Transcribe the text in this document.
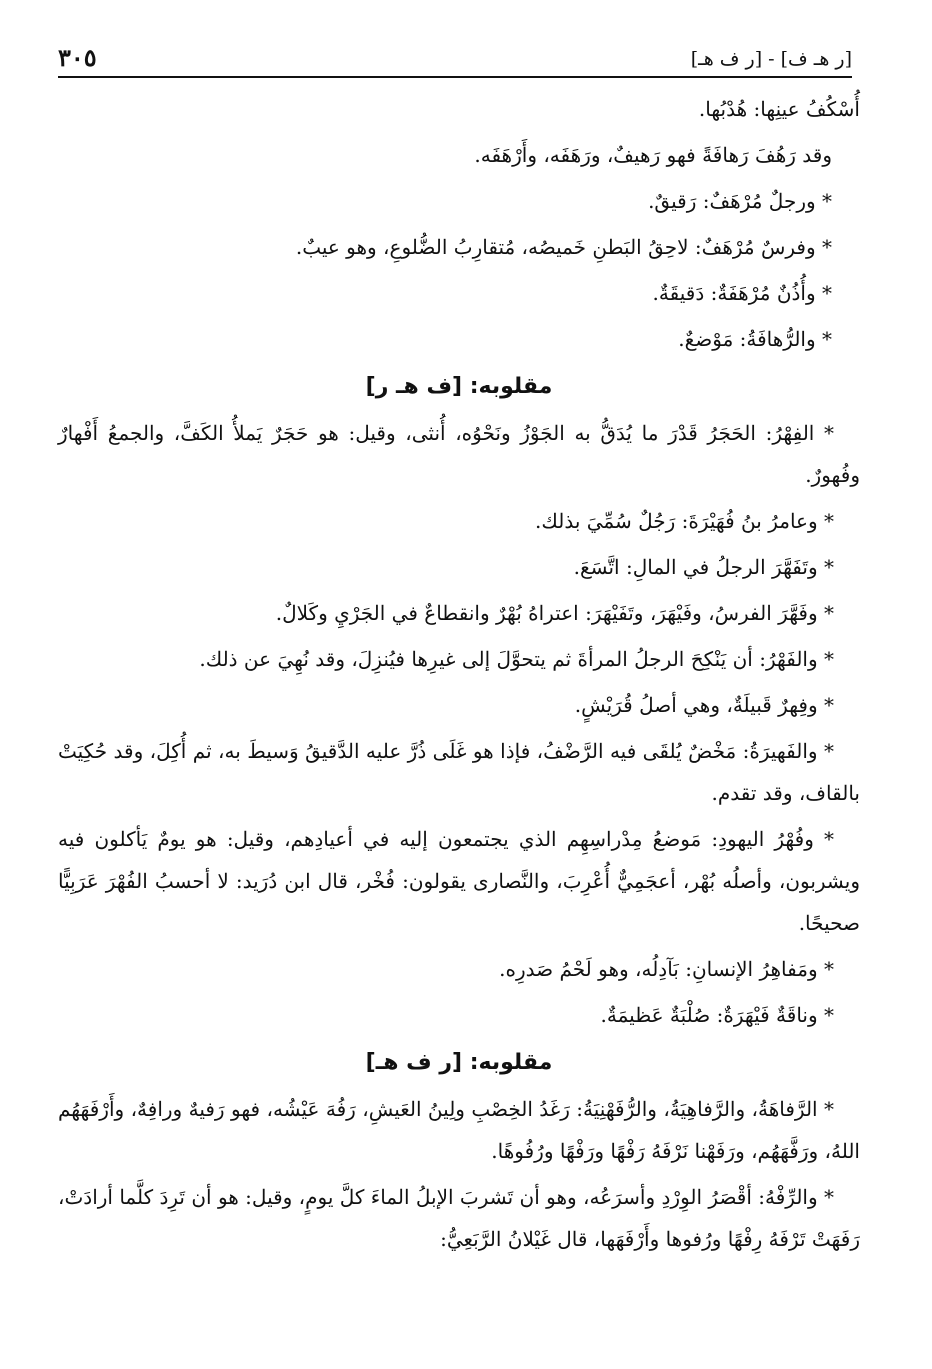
[ر هـ ف] - [ر ف هـ]
٣٠٥
أُسْكُفُ عينِها: هُدْبُها.
وقد رَهُفَ رَهافَةً فهو رَهيفٌ، ورَهَفَه، وأَرْهَفَه.
* ورجلٌ مُرْهَفٌ: رَقيقٌ.
* وفرسٌ مُرْهَفٌ: لاحِقُ البَطنِ خَميصُه، مُتقارِبُ الضُّلوعِ، وهو عيبٌ.
* وأُذُنٌ مُرْهَفَةٌ: دَقيقَةٌ.
* والرُّهافَةُ: مَوْضعٌ.
مقلوبه: [ف هـ ر]

* الفِهْرُ: الحَجَرُ قَدْرَ ما يُدَقُّ به الجَوْزُ ونَحْوُه، أُنثى، وقيل: هو حَجَرٌ يَملأُ الكَفَّ، والجمعُ أَفْهارٌ وفُهورٌ.

* وعامرُ بنُ فُهَيْرَةَ: رَجُلٌ سُمِّيَ بذلك.

* وتَفَهَّرَ الرجلُ في المالِ: اتَّسَعَ.

* وفَهَّرَ الفرسُ، وفَيْهَرَ، وتَفَيْهَرَ: اعتراهُ بُهْرٌ وانقطاعٌ في الجَرْيِ وكَلالٌ.

* والفَهْرُ: أن يَنْكِحَ الرجلُ المرأةَ ثم يتحوَّلَ إلى غيرِها فيُنزِلَ، وقد نُهِيَ عن ذلك.

* وفِهرٌ قَبيلَةٌ، وهي أصلُ قُرَيْشٍ.

* والفَهيرَةُ: مَخْضٌ يُلقَى فيه الرَّضْفُ، فإذا هو غَلَى ذُرَّ عليه الدَّقيقُ وَسيطَ به، ثم أُكِلَ، وقد حُكِيَتْ بالقاف، وقد تقدم.

* وفُهْرُ اليهودِ: مَوضعُ مِدْراسِهِم الذي يجتمعون إليه في أعيادِهم، وقيل: هو يومٌ يَأكلون فيه ويشربون، وأصلُه بُهْر، أعجَمِيٌّ أُعْرِبَ، والنَّصارى يقولون: فُخْر، قال ابن دُرَيد: لا أحسبُ الفُهْرَ عَرَبِيًّا صحيحًا.

* ومَفاهِرُ الإنسانِ: بَآدِلُه، وهو لَحْمُ صَدرِه.

* وناقَةٌ فَيْهَرَةٌ: صُلْبَةٌ عَظيمَةٌ.

مقلوبه: [ر ف هـ]

* الرَّفاهَةُ، والرَّفاهِيَةُ، والرُّفَهْنِيَةُ: رَغَدُ الخِصْبِ ولِينُ العَيشِ، رَفُهَ عَيْشُه، فهو رَفيهٌ ورافِهٌ، وأَرْفَهَهُم اللهُ، ورَفَّهَهُم، ورَفَهْنا نَرْفَهُ رَفْهًا ورَفْهًا ورُفُوهًا.

* والرِّفْهُ: أقْصَرُ الوِرْدِ وأسرَعُه، وهو أن تَشربَ الإبلُ الماءَ كلَّ يومٍ، وقيل: هو أن تَرِدَ كلَّما أرادَتْ، رَفَهَتْ تَرْفَهُ رِفْهًا ورُفوها وأَرْفَهَها، قال غَيْلانُ الرَّبَعِيُّ:
